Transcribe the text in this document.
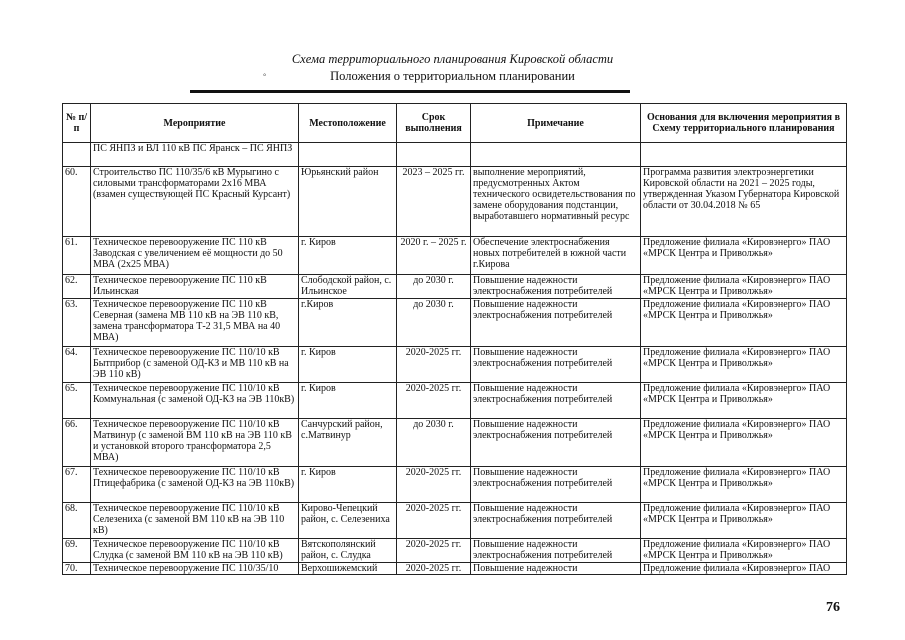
Схема территориального планирования Кировской области
Положения о территориальном планировании
°
№ п/п	Мероприятие	Местоположение	Срок выполнения	Примечание	Основания для включения мероприятия в Схему территориального планирования
	ПС ЯНПЗ и ВЛ 110 кВ ПС Яранск – ПС ЯНПЗ				
60.	Строительство ПС 110/35/6 кВ Мурыгино с силовыми трансформаторами 2х16 МВА (взамен существующей ПС Красный Курсант)	Юрьянский район	2023 – 2025 гг.	выполнение мероприятий, предусмотренных Актом технического освидетельствования по замене оборудования подстанции, выработавшего нормативный ресурс	Программа развития электроэнергетики Кировской области на 2021 – 2025 годы, утвержденная Указом Губернатора Кировской области от 30.04.2018 № 65
61.	Техническое перевооружение ПС 110 кВ Заводская с увеличением её мощности до 50 МВА (2х25 МВА)	г. Киров	2020 г. – 2025 г.	Обеспечение электроснабжения новых потребителей в южной части г.Кирова	Предложение филиала «Кировэнерго» ПАО «МРСК Центра и Приволжья»
62.	Техническое перевооружение ПС 110 кВ Ильинская	Слободской район, с. Ильинское	до 2030 г.	Повышение надежности электроснабжения потребителей	Предложение филиала «Кировэнерго» ПАО «МРСК Центра и Приволжья»
63.	Техническое перевооружение ПС 110 кВ Северная (замена МВ 110 кВ на ЭВ 110 кВ, замена трансформатора Т-2 31,5 МВА на 40 МВА)	г.Киров	до 2030 г.	Повышение надежности электроснабжения потребителей	Предложение филиала «Кировэнерго» ПАО «МРСК Центра и Приволжья»
64.	Техническое перевооружение ПС 110/10 кВ Бытприбор (с заменой ОД-КЗ и МВ 110 кВ на ЭВ 110 кВ)	г. Киров	2020-2025 гг.	Повышение надежности электроснабжения потребителей	Предложение филиала «Кировэнерго» ПАО «МРСК Центра и Приволжья»
65.	Техническое перевооружение ПС 110/10 кВ Коммунальная (с заменой ОД-КЗ на ЭВ 110кВ)	г. Киров	2020-2025 гг.	Повышение надежности электроснабжения потребителей	Предложение филиала «Кировэнерго» ПАО «МРСК Центра и Приволжья»
66.	Техническое перевооружение ПС 110/10 кВ Матвинур (с заменой ВМ 110 кВ на ЭВ 110 кВ и установкой второго трансформатора 2,5 МВА)	Санчурский район, с.Матвинур	до 2030 г.	Повышение надежности электроснабжения потребителей	Предложение филиала «Кировэнерго» ПАО «МРСК Центра и Приволжья»
67.	Техническое перевооружение ПС 110/10 кВ Птицефабрика (с заменой ОД-КЗ на ЭВ 110кВ)	г. Киров	2020-2025 гг.	Повышение надежности электроснабжения потребителей	Предложение филиала «Кировэнерго» ПАО «МРСК Центра и Приволжья»
68.	Техническое перевооружение ПС 110/10 кВ Селезениха (с заменой ВМ 110 кВ на ЭВ 110 кВ)	Кирово-Чепецкий район, с. Селезениха	2020-2025 гг.	Повышение надежности электроснабжения потребителей	Предложение филиала «Кировэнерго» ПАО «МРСК Центра и Приволжья»
69.	Техническое перевооружение ПС 110/10 кВ Слудка (с заменой ВМ 110 кВ на ЭВ 110 кВ)	Вятскополянский район, с. Слудка	2020-2025 гг.	Повышение надежности электроснабжения потребителей	Предложение филиала «Кировэнерго» ПАО «МРСК Центра и Приволжья»
70.	Техническое перевооружение ПС 110/35/10	Верхошижемский	2020-2025 гг.	Повышение надежности	Предложение филиала «Кировэнерго» ПАО
76
